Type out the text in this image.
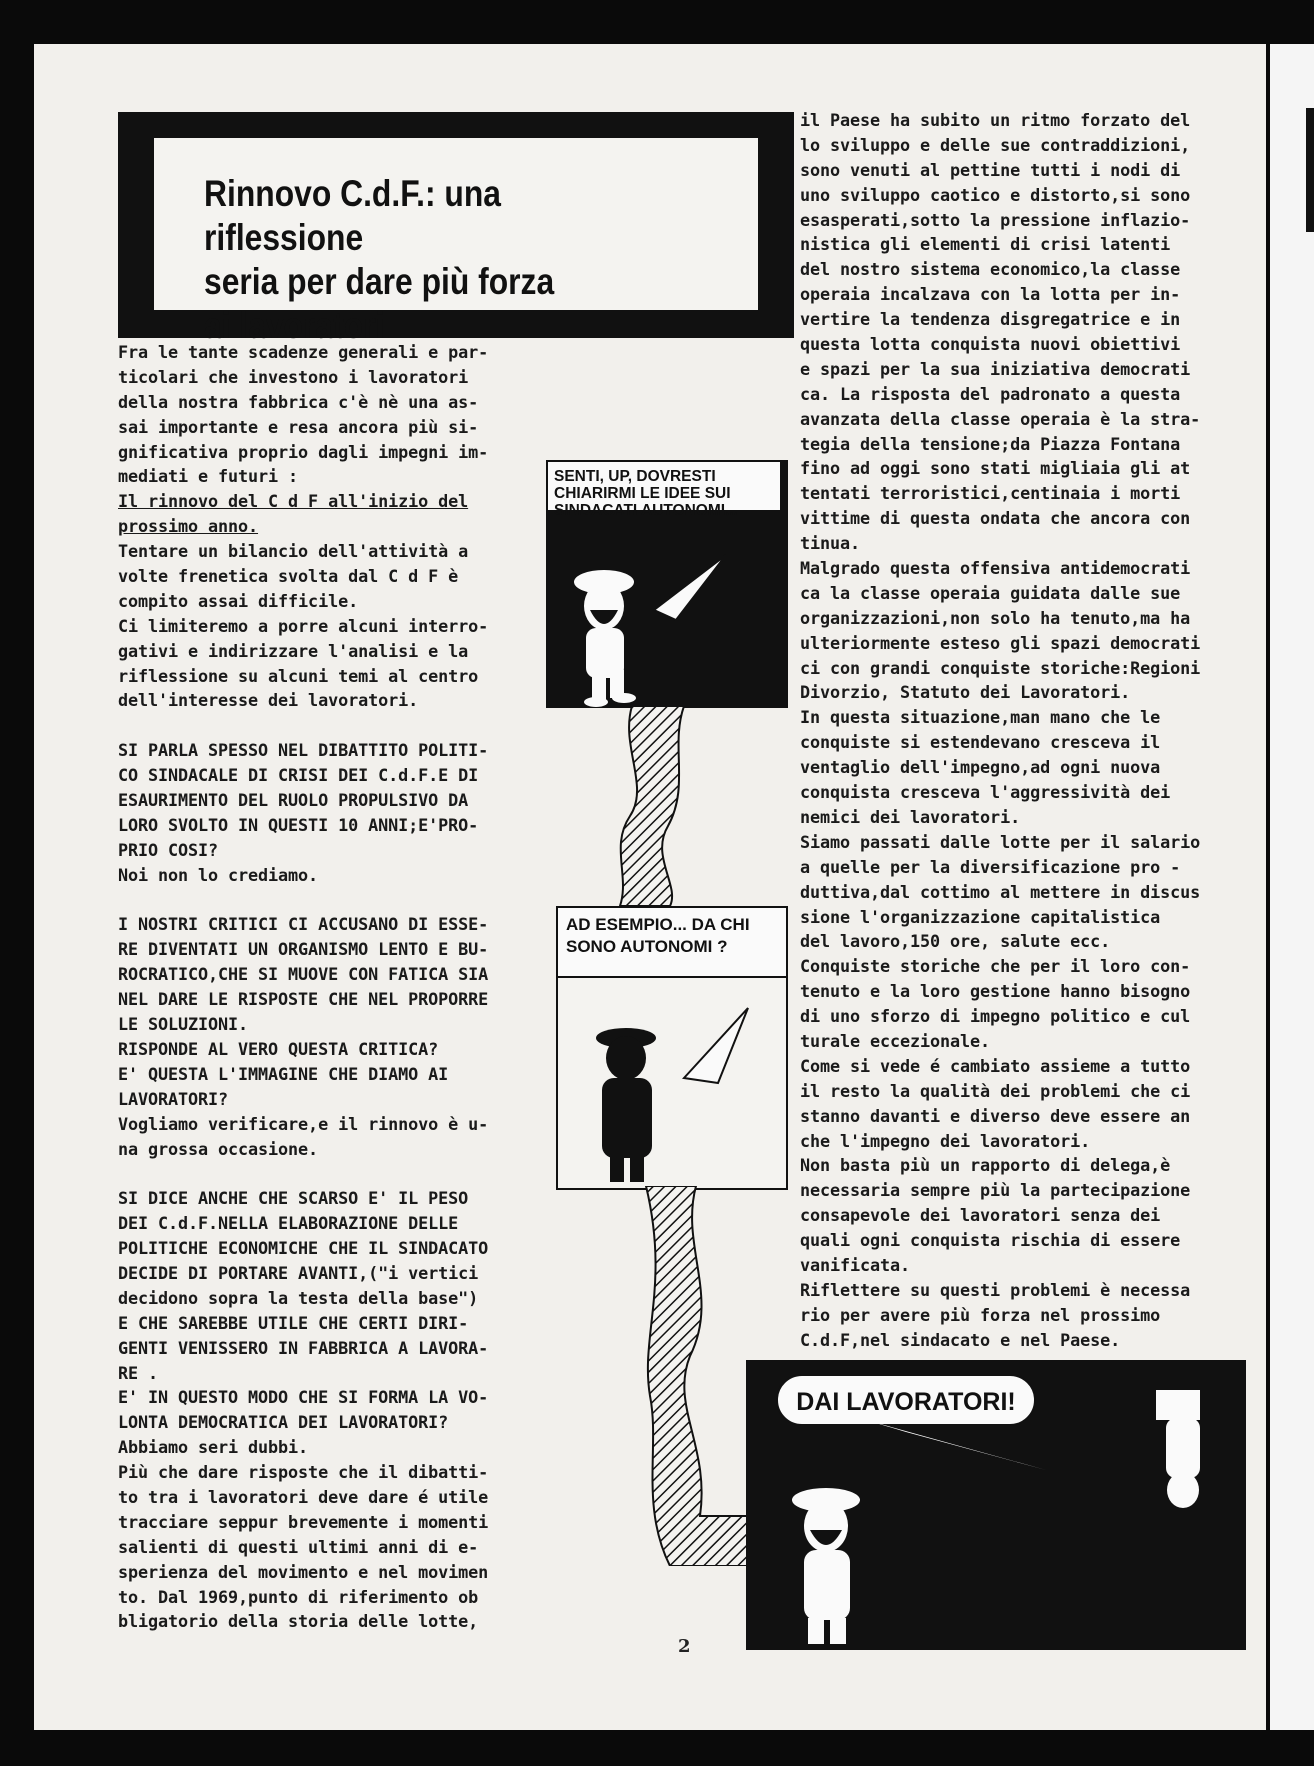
Rinnovo C.d.F.: una riflessione
seria per dare più forza
ai lavoratori
Fra le tante scadenze generali e par-
ticolari che investono i lavoratori
della nostra fabbrica c'è nè una as-
sai importante e resa ancora più si-
gnificativa proprio dagli impegni im-
mediati e futuri :
Il rinnovo del C d F all'inizio del
prossimo anno.
Tentare un bilancio dell'attività a
volte frenetica svolta dal C d F è
compito assai difficile.
Ci limiteremo a porre alcuni interro-
gativi e indirizzare l'analisi e la
riflessione su alcuni temi al centro
dell'interesse dei lavoratori.
SI PARLA SPESSO NEL DIBATTITO POLITI-
CO SINDACALE DI CRISI DEI C.d.F.E DI
ESAURIMENTO DEL RUOLO PROPULSIVO DA
LORO SVOLTO IN QUESTI 10 ANNI;E'PRO-
PRIO COSI?
Noi non lo crediamo.
I NOSTRI CRITICI CI ACCUSANO DI ESSE-
RE DIVENTATI UN ORGANISMO LENTO E BU-
ROCRATICO,CHE SI MUOVE CON FATICA SIA
NEL DARE LE RISPOSTE CHE NEL PROPORRE
LE SOLUZIONI.
RISPONDE AL VERO QUESTA CRITICA?
E' QUESTA L'IMMAGINE CHE DIAMO AI
LAVORATORI?
Vogliamo verificare,e il rinnovo è u-
na grossa occasione.
SI DICE ANCHE CHE SCARSO E' IL PESO
DEI C.d.F.NELLA ELABORAZIONE DELLE
POLITICHE ECONOMICHE CHE IL SINDACATO
DECIDE DI PORTARE AVANTI,("i vertici
decidono sopra la testa della base")
E CHE SAREBBE UTILE CHE CERTI DIRI-
GENTI VENISSERO IN FABBRICA A LAVORA-
RE .
E' IN QUESTO MODO CHE SI FORMA LA VO-
LONTA DEMOCRATICA DEI LAVORATORI?
Abbiamo seri dubbi.
Più che dare risposte che il dibatti-
to tra i lavoratori deve dare é utile
tracciare seppur brevemente i momenti
salienti di questi ultimi anni di e-
sperienza del movimento e nel movimen
to. Dal 1969,punto di riferimento ob
bligatorio della storia delle lotte,
il Paese ha subito un ritmo forzato del
lo sviluppo e delle sue contraddizioni,
sono venuti al pettine tutti i nodi di
uno sviluppo caotico e distorto,si sono
esasperati,sotto la pressione inflazio-
nistica gli elementi di crisi latenti
del nostro sistema economico,la classe
operaia incalzava con la lotta per in-
vertire la tendenza disgregatrice e in
questa lotta conquista nuovi obiettivi
e spazi per la sua iniziativa democrati
ca. La risposta del padronato a questa
avanzata della classe operaia è la stra-
tegia della tensione;da Piazza Fontana
fino ad oggi sono stati migliaia gli at
tentati terroristici,centinaia i morti
vittime di questa ondata che ancora con
tinua.
Malgrado questa offensiva antidemocrati
ca la classe operaia guidata dalle sue
organizzazioni,non solo ha tenuto,ma ha
ulteriormente esteso gli spazi democrati
ci con grandi conquiste storiche:Regioni
Divorzio, Statuto dei Lavoratori.
In questa situazione,man mano che le
conquiste si estendevano cresceva il
ventaglio dell'impegno,ad ogni nuova
conquista cresceva l'aggressività dei
nemici dei lavoratori.
Siamo passati dalle lotte per il salario
a quelle per la diversificazione pro -
duttiva,dal cottimo al mettere in discus
sione l'organizzazione capitalistica
del lavoro,150 ore, salute ecc.
Conquiste storiche che per il loro con-
tenuto e la loro gestione hanno bisogno
di uno sforzo di impegno politico e cul
turale eccezionale.
Come si vede é cambiato assieme a tutto
il resto la qualità dei problemi che ci
stanno davanti e diverso deve essere an
che l'impegno dei lavoratori.
Non basta più un rapporto di delega,è
necessaria sempre più la partecipazione
consapevole dei lavoratori senza dei
quali ogni conquista rischia di essere
vanificata.
Riflettere su questi problemi è necessa
rio per avere più forza nel prossimo
C.d.F,nel sindacato e nel Paese.
SENTI, UP, DOVRESTI CHIARIRMI LE IDEE SUI SINDACATI AUTONOMI...
AD ESEMPIO... DA CHI SONO AUTONOMI ?
DAI LAVORATORI!
2
